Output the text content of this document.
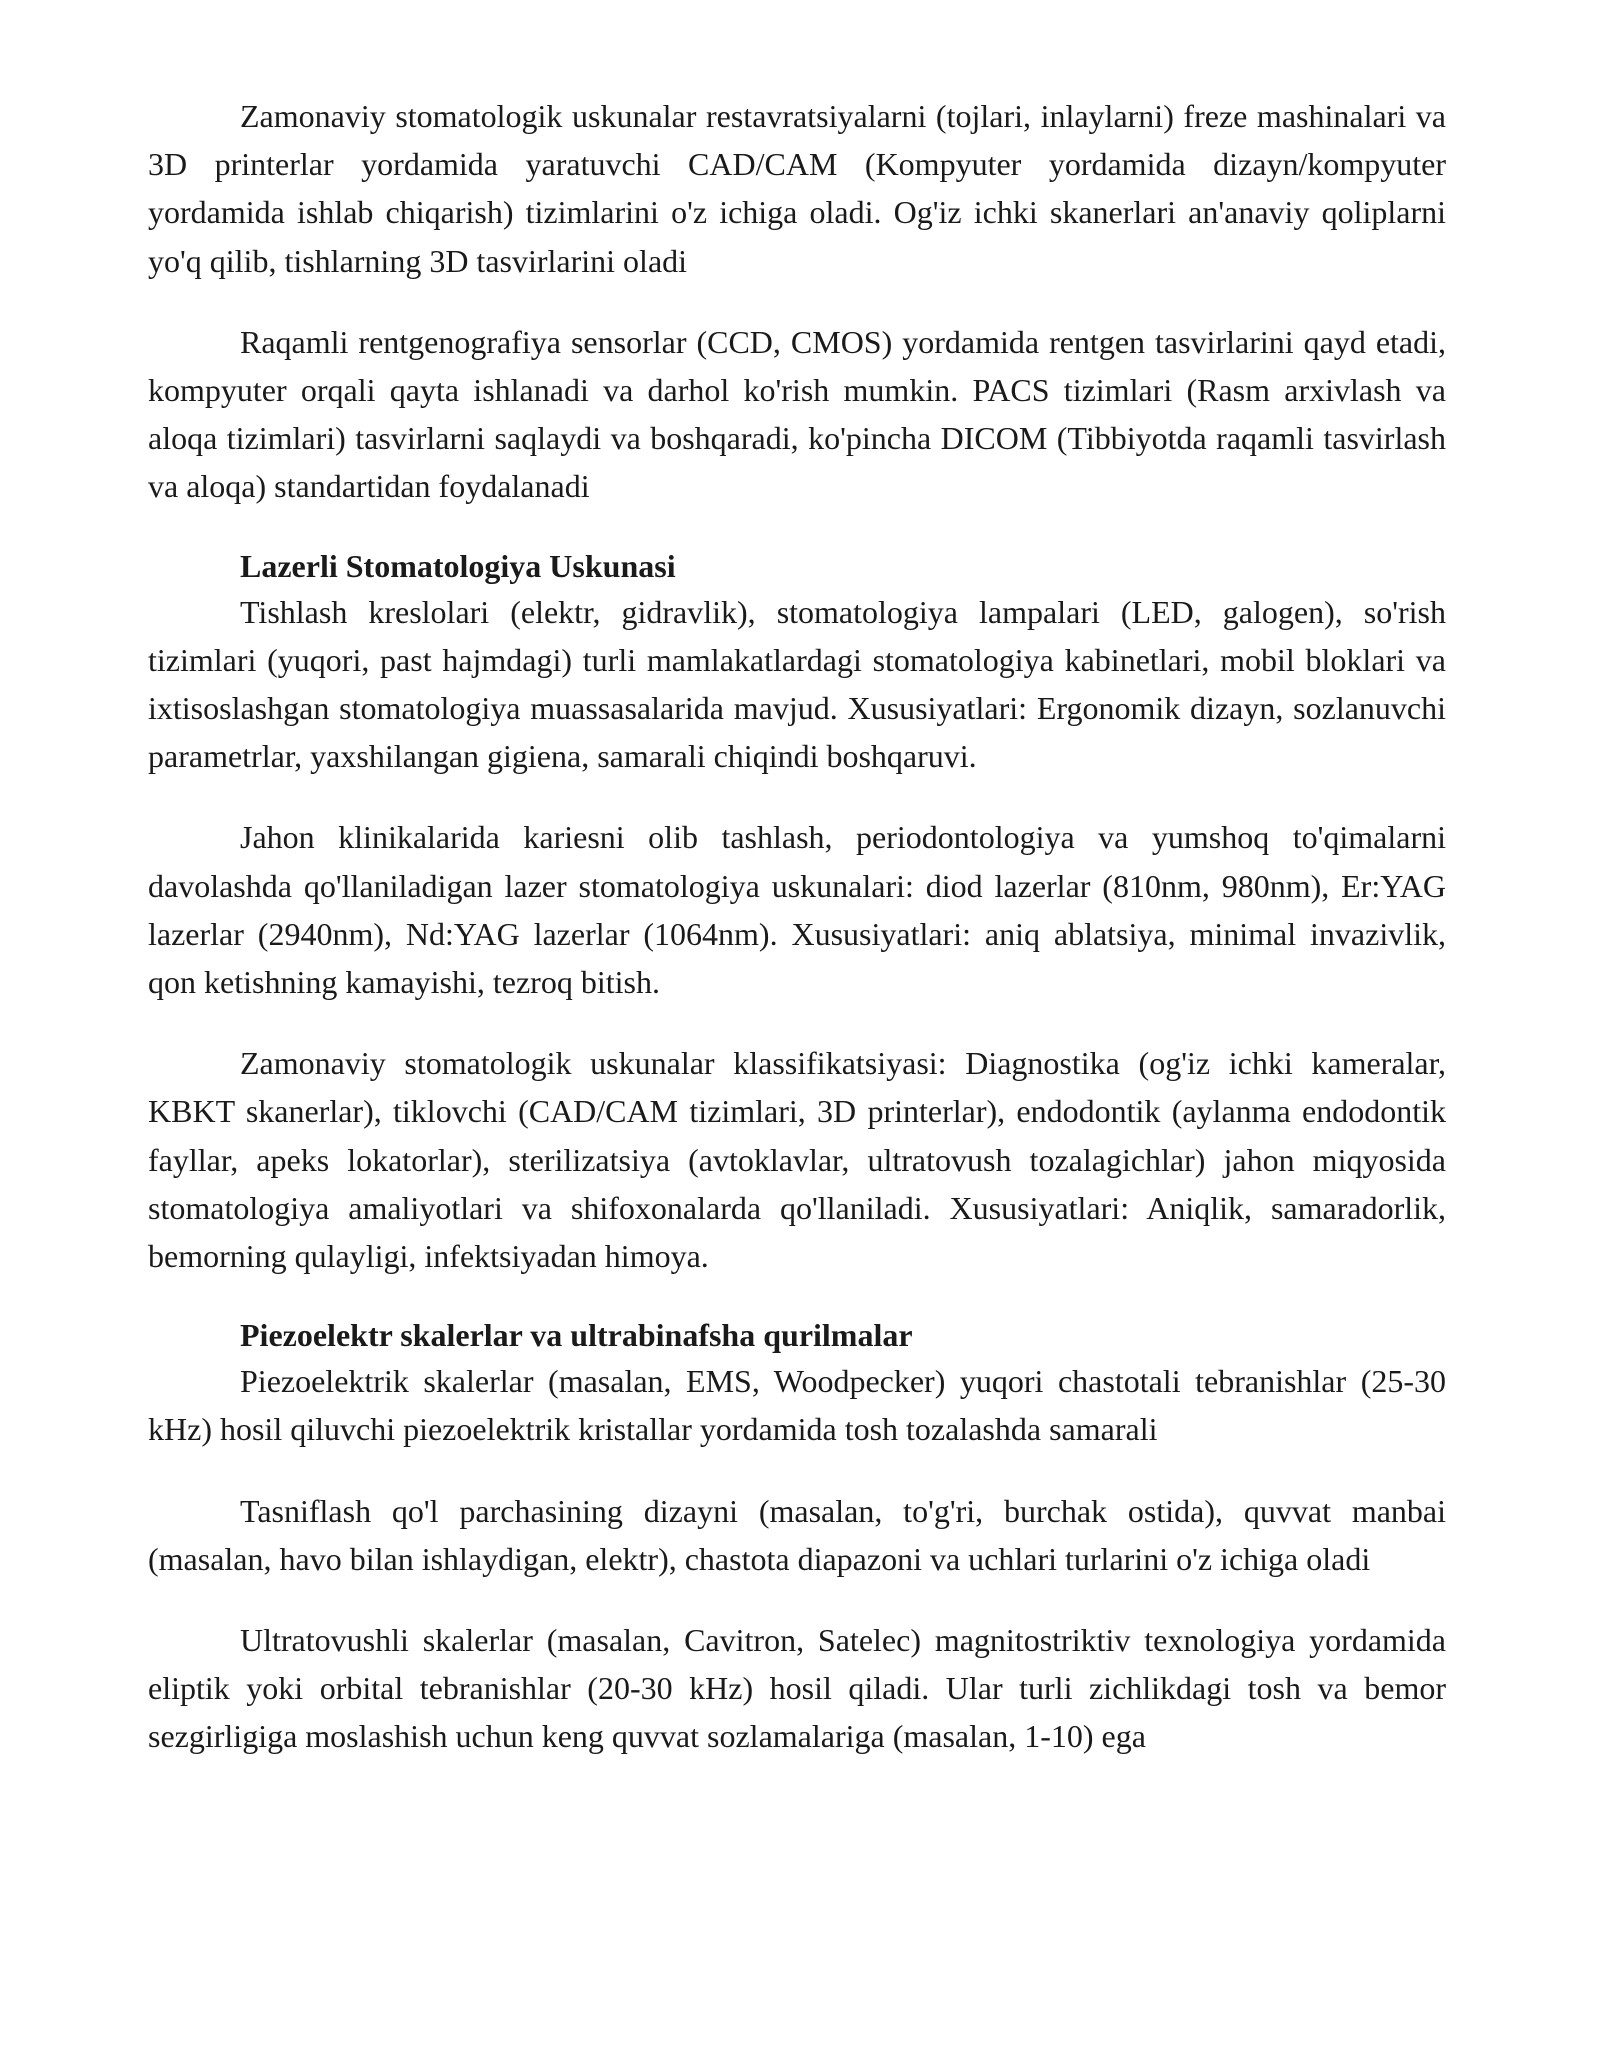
Zamonaviy stomatologik uskunalar restavratsiyalarni (tojlari, inlaylarni) freze mashinalari va 3D printerlar yordamida yaratuvchi CAD/CAM (Kompyuter yordamida dizayn/kompyuter yordamida ishlab chiqarish) tizimlarini o'z ichiga oladi. Og'iz ichki skanerlari an'anaviy qoliplarni yo'q qilib, tishlarning 3D tasvirlarini oladi

Raqamli rentgenografiya sensorlar (CCD, CMOS) yordamida rentgen tasvirlarini qayd etadi, kompyuter orqali qayta ishlanadi va darhol ko'rish mumkin. PACS tizimlari (Rasm arxivlash va aloqa tizimlari) tasvirlarni saqlaydi va boshqaradi, ko'pincha DICOM (Tibbiyotda raqamli tasvirlash va aloqa) standartidan foydalanadi

Lazerli Stomatologiya Uskunasi

Tishlash kreslolari (elektr, gidravlik), stomatologiya lampalari (LED, galogen), so'rish tizimlari (yuqori, past hajmdagi) turli mamlakatlardagi stomatologiya kabinetlari, mobil bloklari va ixtisoslashgan stomatologiya muassasalarida mavjud. Xususiyatlari: Ergonomik dizayn, sozlanuvchi parametrlar, yaxshilangan gigiena, samarali chiqindi boshqaruvi.

Jahon klinikalarida kariesni olib tashlash, periodontologiya va yumshoq to'qimalarni davolashda qo'llaniladigan lazer stomatologiya uskunalari: diod lazerlar (810nm, 980nm), Er:YAG lazerlar (2940nm), Nd:YAG lazerlar (1064nm). Xususiyatlari: aniq ablatsiya, minimal invazivlik, qon ketishning kamayishi, tezroq bitish.

Zamonaviy stomatologik uskunalar klassifikatsiyasi: Diagnostika (og'iz ichki kameralar, KBKT skanerlar), tiklovchi (CAD/CAM tizimlari, 3D printerlar), endodontik (aylanma endodontik fayllar, apeks lokatorlar), sterilizatsiya (avtoklavlar, ultratovush tozalagichlar) jahon miqyosida stomatologiya amaliyotlari va shifoxonalarda qo'llaniladi. Xususiyatlari: Aniqlik, samaradorlik, bemorning qulayligi, infektsiyadan himoya.

Piezoelektr skalerlar va ultrabinafsha qurilmalar

Piezoelektrik skalerlar (masalan, EMS, Woodpecker) yuqori chastotali tebranishlar (25-30 kHz) hosil qiluvchi piezoelektrik kristallar yordamida tosh tozalashda samarali

Tasniflash qo'l parchasining dizayni (masalan, to'g'ri, burchak ostida), quvvat manbai (masalan, havo bilan ishlaydigan, elektr), chastota diapazoni va uchlari turlarini o'z ichiga oladi

Ultratovushli skalerlar (masalan, Cavitron, Satelec) magnitostriktiv texnologiya yordamida eliptik yoki orbital tebranishlar (20-30 kHz) hosil qiladi. Ular turli zichlikdagi tosh va bemor sezgirligiga moslashish uchun keng quvvat sozlamalariga (masalan, 1-10) ega
